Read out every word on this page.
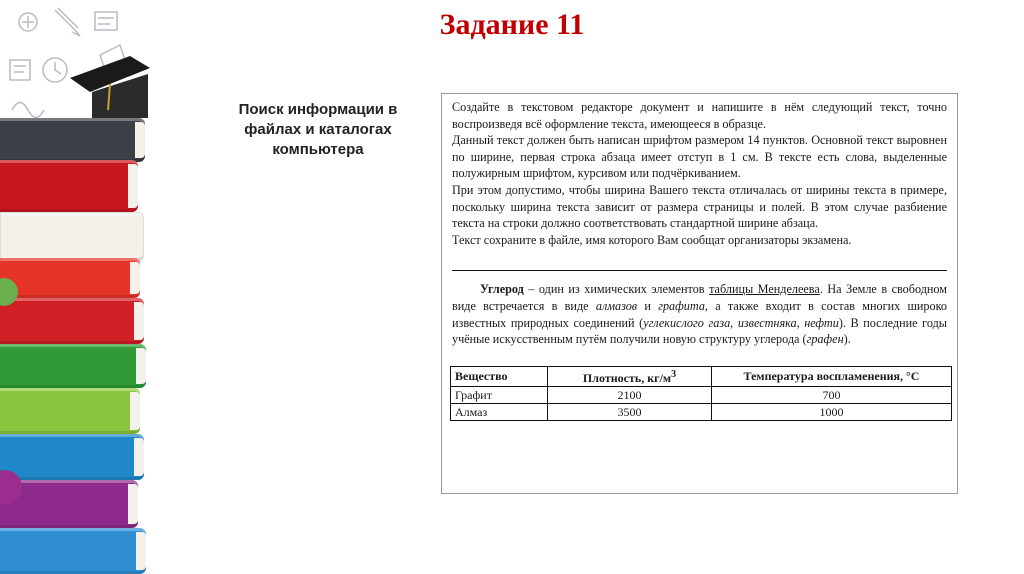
Задание 11

Поиск информации в файлах и каталогах компьютера

Создайте в текстовом редакторе документ и напишите в нём следующий текст, точно воспроизведя всё оформление текста, имеющееся в образце.

Данный текст должен быть написан шрифтом размером 14 пунктов. Основной текст выровнен по ширине, первая строка абзаца имеет отступ в 1 см. В тексте есть слова, выделенные полужирным шрифтом, курсивом или подчёркиванием.

При этом допустимо, чтобы ширина Вашего текста отличалась от ширины текста в примере, поскольку ширина текста зависит от размера страницы и полей. В этом случае разбиение текста на строки должно соответствовать стандартной ширине абзаца.

Текст сохраните в файле, имя которого Вам сообщат организаторы экзамена.

Углерод – один из химических элементов таблицы Менделеева. На Земле в свободном виде встречается в виде алмазов и графита, а также входит в состав многих широко известных природных соединений (углекислого газа, известняка, нефти). В последние годы учёные искусственным путём получили новую структуру углерода (графен).

Вещество	Плотность, $кг/м^3$	Температура воспламенения, °С
Графит	2100	700
Алмаз	3500	1000
